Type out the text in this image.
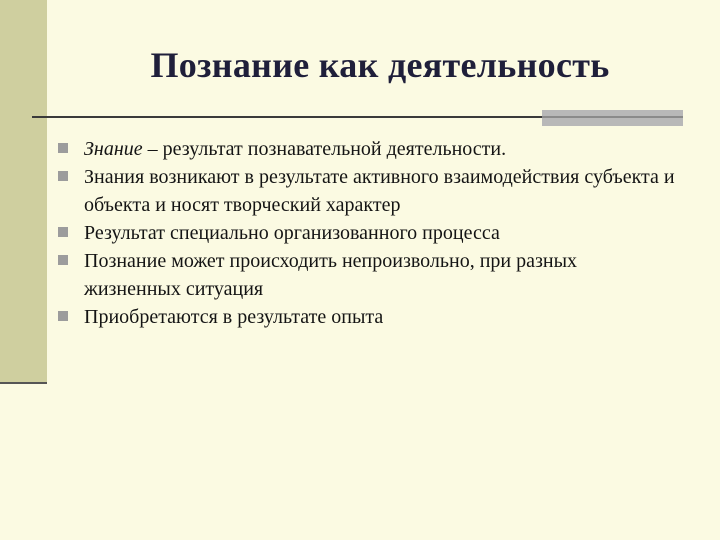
Познание как деятельность
Знание – результат познавательной деятельности.
Знания возникают в результате активного взаимодействия субъекта и объекта и носят творческий характер
Результат специально организованного процесса
Познание может происходить непроизвольно, при разных жизненных ситуация
Приобретаются в результате опыта
